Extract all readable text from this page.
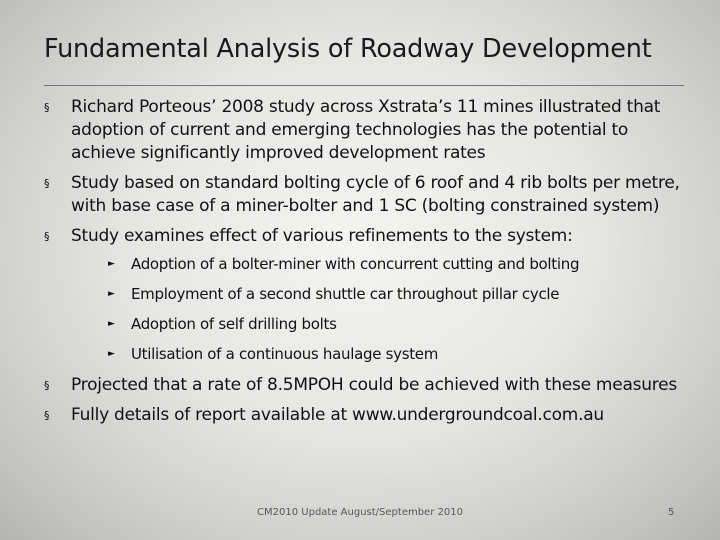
Fundamental Analysis of Roadway Development
§ Richard Porteous’ 2008 study across Xstrata’s 11 mines illustrated that adoption of current and emerging technologies has the potential to achieve significantly improved development rates
§ Study based on standard bolting cycle of 6 roof and 4 rib bolts per metre, with base case of a miner-bolter and 1 SC (bolting constrained system)
§ Study examines effect of various refinements to the system:
► Adoption of a bolter-miner with concurrent cutting and bolting
► Employment of a second shuttle car throughout pillar cycle
► Adoption of self drilling bolts
► Utilisation of a continuous haulage system
§ Projected that a rate of 8.5MPOH could be achieved with these measures
§ Fully details of report available at www.undergroundcoal.com.au
CM2010 Update August/September 2010	5
